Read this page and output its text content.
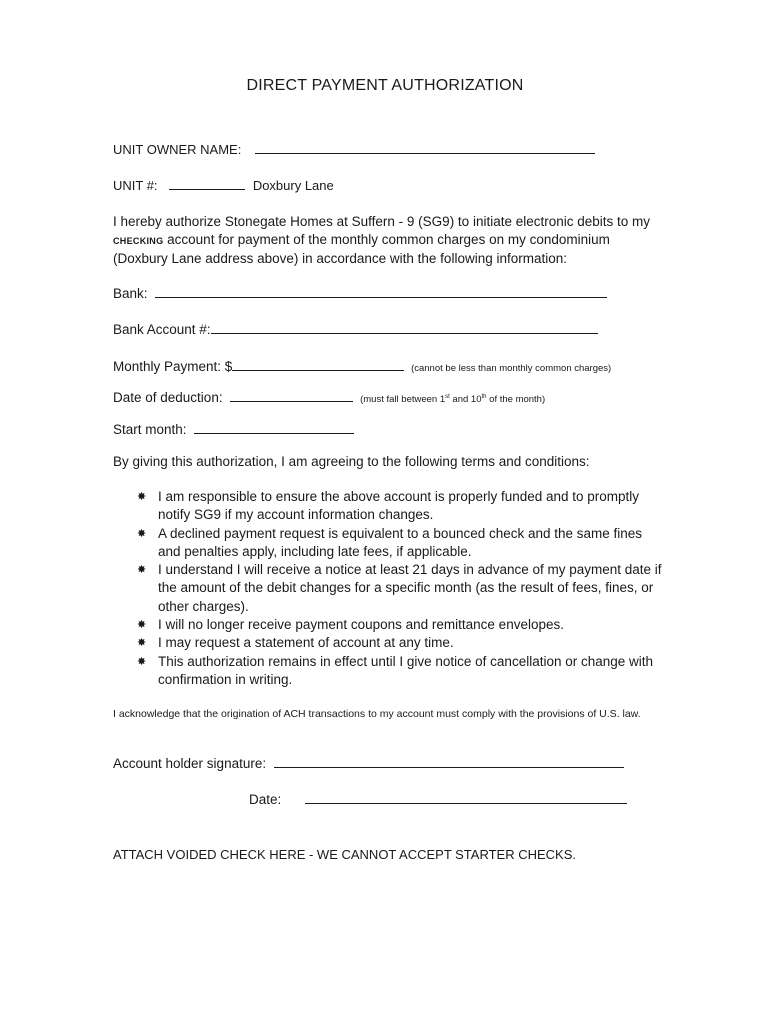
DIRECT PAYMENT AUTHORIZATION
UNIT OWNER NAME:
UNIT #:	Doxbury Lane
I hereby authorize Stonegate Homes at Suffern - 9 (SG9) to initiate electronic debits to my CHECKING account for payment of the monthly common charges on my condominium (Doxbury Lane address above) in accordance with the following information:
Bank:
Bank Account #:
Monthly Payment: $	(cannot be less than monthly common charges)
Date of deduction:	(must fall between 1st and 10th of the month)
Start month:
By giving this authorization, I am agreeing to the following terms and conditions:
✸ I am responsible to ensure the above account is properly funded and to promptly notify SG9 if my account information changes.
✸ A declined payment request is equivalent to a bounced check and the same fines and penalties apply, including late fees, if applicable.
✸ I understand I will receive a notice at least 21 days in advance of my payment date if the amount of the debit changes for a specific month (as the result of fees, fines, or other charges).
✸ I will no longer receive payment coupons and remittance envelopes.
✸ I may request a statement of account at any time.
✸ This authorization remains in effect until I give notice of cancellation or change with confirmation in writing.
I acknowledge that the origination of ACH transactions to my account must comply with the provisions of U.S. law.
Account holder signature:
Date:
ATTACH VOIDED CHECK HERE - WE CANNOT ACCEPT STARTER CHECKS.
